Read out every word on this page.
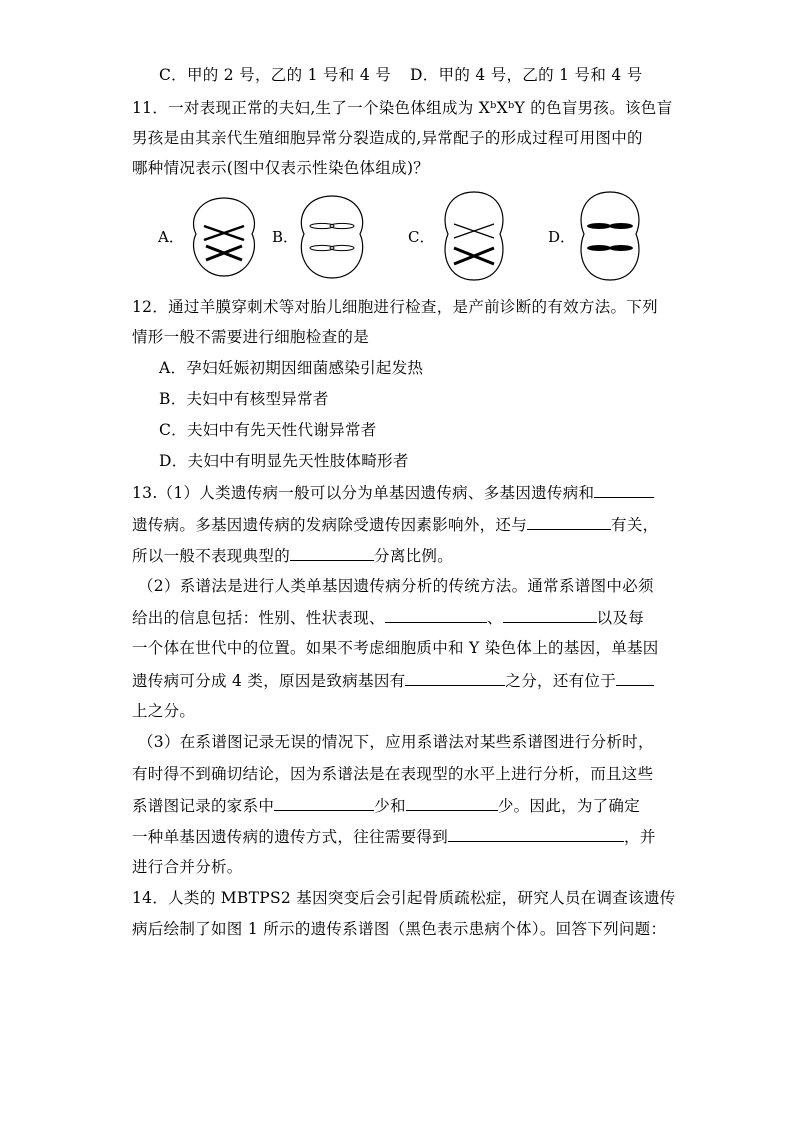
C．甲的 2 号，乙的 1 号和 4 号 D．甲的 4 号，乙的 1 号和 4 号
11．一对表现正常的夫妇,生了一个染色体组成为 XᵇXᵇY 的色盲男孩。该色盲
男孩是由其亲代生殖细胞异常分裂造成的,异常配子的形成过程可用图中的
哪种情况表示(图中仅表示性染色体组成)？
A．	B．	C．	D．
12．通过羊膜穿刺术等对胎儿细胞进行检查，是产前诊断的有效方法。下列
情形一般不需要进行细胞检查的是
A．孕妇妊娠初期因细菌感染引起发热
B．夫妇中有核型异常者
C．夫妇中有先天性代谢异常者
D．夫妇中有明显先天性肢体畸形者
13.（1）人类遗传病一般可以分为单基因遗传病、多基因遗传病和
遗传病。多基因遗传病的发病除受遗传因素影响外，还与	有关，
所以一般不表现典型的	分离比例。
（2）系谱法是进行人类单基因遗传病分析的传统方法。通常系谱图中必须
给出的信息包括：性别、性状表现、	、	以及每
一个体在世代中的位置。如果不考虑细胞质中和 Y 染色体上的基因，单基因
遗传病可分成 4 类，原因是致病基因有	之分，还有位于
上之分。
（3）在系谱图记录无误的情况下，应用系谱法对某些系谱图进行分析时，
有时得不到确切结论，因为系谱法是在表现型的水平上进行分析，而且这些
系谱图记录的家系中	少和	少。因此，为了确定
一种单基因遗传病的遗传方式，往往需要得到	，并
进行合并分析。
14．人类的 MBTPS2 基因突变后会引起骨质疏松症，研究人员在调查该遗传
病后绘制了如图 1 所示的遗传系谱图（黑色表示患病个体）。回答下列问题：
